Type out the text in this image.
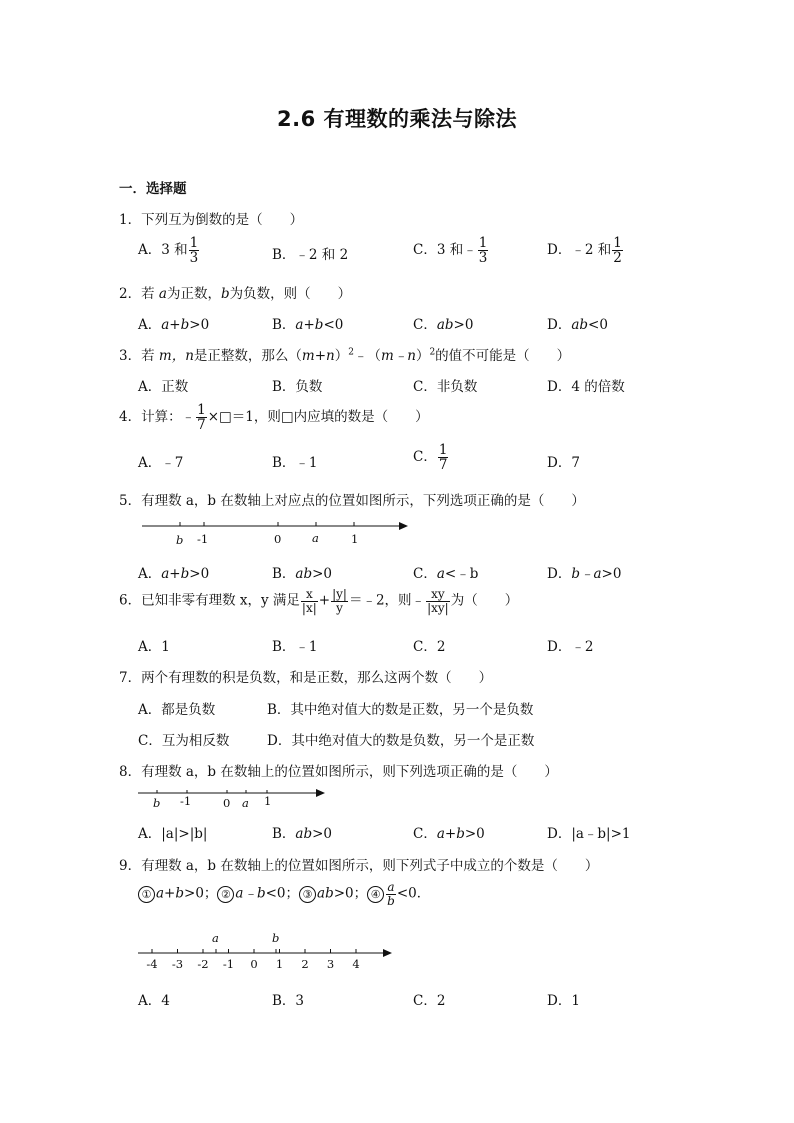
2.6 有理数的乘法与除法
一．选择题
1．下列互为倒数的是（　　）
A．3 和 $\frac{1}{3}$	B．﹣2 和 2	C．3 和﹣ $\frac{1}{3}$	D．﹣2 和 $\frac{1}{2}$
2．若 a为正数，b为负数，则（　　）
A．a+b>0	B．a+b<0	C．ab>0	D．ab<0
3．若 m，n是正整数，那么$(m+n)^2﹣(m﹣n)^2$的值不可能是（　　）
A．正数	B．负数	C．非负数	D．4 的倍数
4．计算：﹣ $\frac{1}{7}$ ×□＝1，则□内应填的数是（　　）
A．﹣7	B．﹣1	C． $\frac{1}{7}$	D．7
5．有理数 a，b 在数轴上对应点的位置如图所示，下列选项正确的是（　　）
b -1	0	a	1
A．a+b>0	B．ab>0	C．a<﹣b	D．b﹣a>0
6．已知非零有理数 x，y 满足 $\frac{x}{|x|} + \frac{|y|}{y}$ ＝﹣2，则﹣ $\frac{xy}{|xy|}$ 为（　　）
A．1	B．﹣1	C．2	D．﹣2
7．两个有理数的积是负数，和是正数，那么这两个数（　　）
A．都是负数	B．其中绝对值大的数是正数，另一个是负数
C．互为相反数	D．其中绝对值大的数是负数，另一个是正数
8．有理数 a，b 在数轴上的位置如图所示，则下列选项正确的是（　　）
b -1	0 a 1
A．|a|>|b|	B．ab>0	C．a+b>0	D．|a﹣b|>1
9．有理数 a，b 在数轴上的位置如图所示，则下列式子中成立的个数是（　　）
① a+b>0； ② a﹣b<0； ③ ab>0； ④ $\frac{a}{b} <0$．
a	b
-4 -3 -2 -1 0 1 2 3 4
A．4	B．3	C．2	D．1
